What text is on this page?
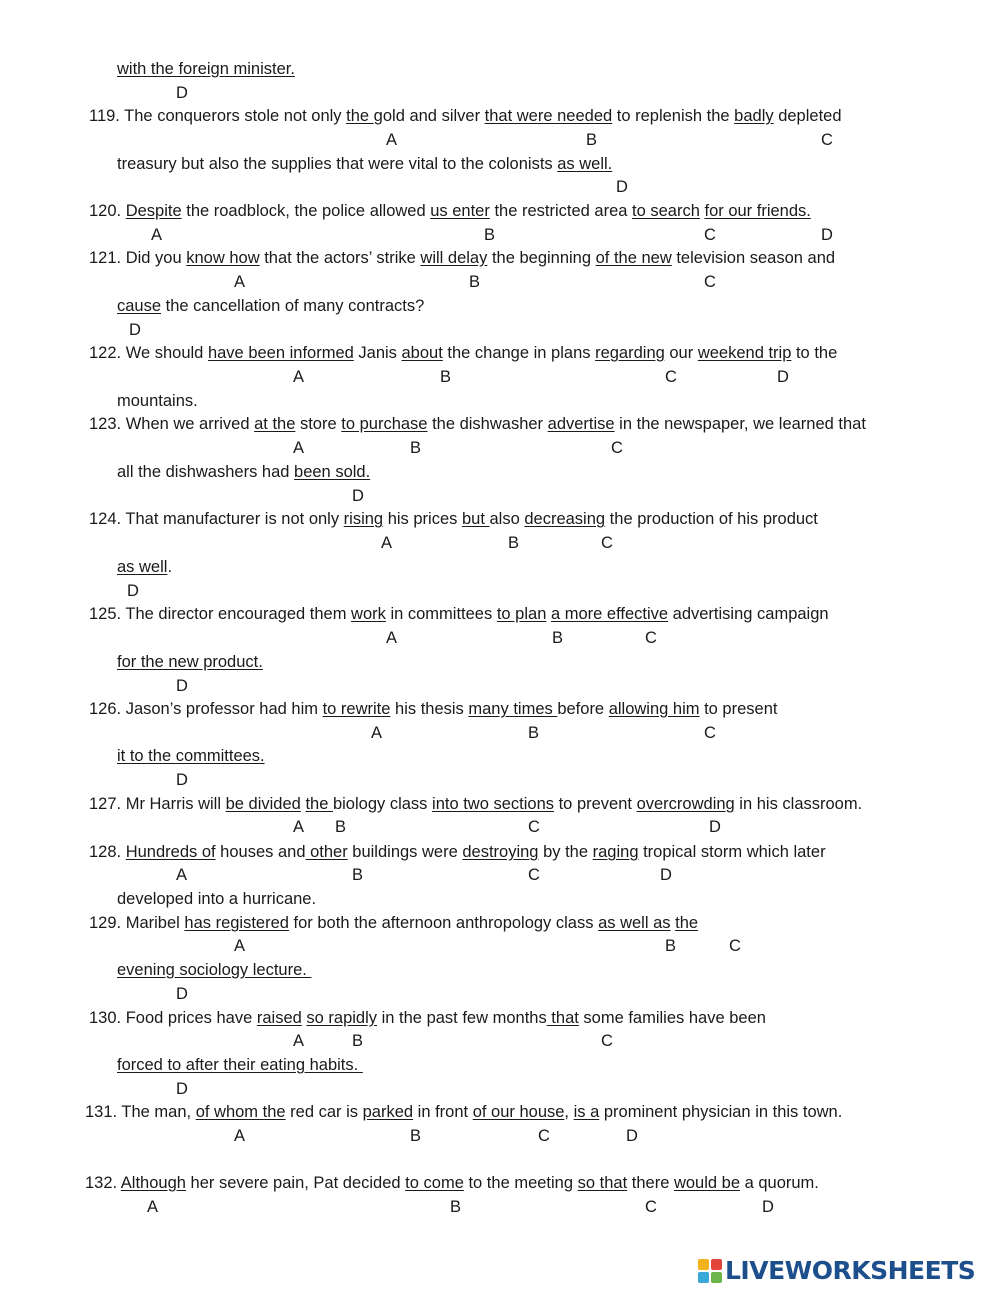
with the foreign minister.
D
119. The conquerors stole not only the gold and silver that were needed to replenish the badly depleted
treasury but also the supplies that were vital to the colonists as well.
A	B	C
D
120. Despite the roadblock, the police allowed us enter the restricted area to search for our friends.
A	B	C	D
121. Did you know how that the actors’ strike will delay the beginning of the new television season and
cause the cancellation of many contracts?
A	B	C
D
122. We should have been informed Janis about the change in plans regarding our weekend trip to the
mountains.
A	B	C	D
123. When we arrived at the store to purchase the dishwasher advertise in the newspaper, we learned that
all the dishwashers had been sold.
A	B	C
D
124. That manufacturer is not only rising his prices but also decreasing the production of his product
as well.
A	B	C
D
125. The director encouraged them work in committees to plan a more effective advertising campaign
for the new product.
A	B	C
D
126. Jason’s professor had him to rewrite his thesis many times before allowing him to present
it to the committees.
A	B	C
D
127. Mr Harris will be divided the biology class into two sections to prevent overcrowding in his classroom.
A B	C	D
128. Hundreds of houses and other buildings were destroying by the raging tropical storm which later
developed into a hurricane.
A	B	C	D
129. Maribel has registered for both the afternoon anthropology class as well as the
evening sociology lecture.
A	B	C
D
130. Food prices have raised so rapidly in the past few months that some families have been
forced to after their eating habits.
A	B	C
D
131. The man, of whom the red car is parked in front of our house, is a prominent physician in this town.
A	B	C	D
132. Although her severe pain, Pat decided to come to the meeting so that there would be a quorum.
A	B	C	D
LIVEWORKSHEETS
